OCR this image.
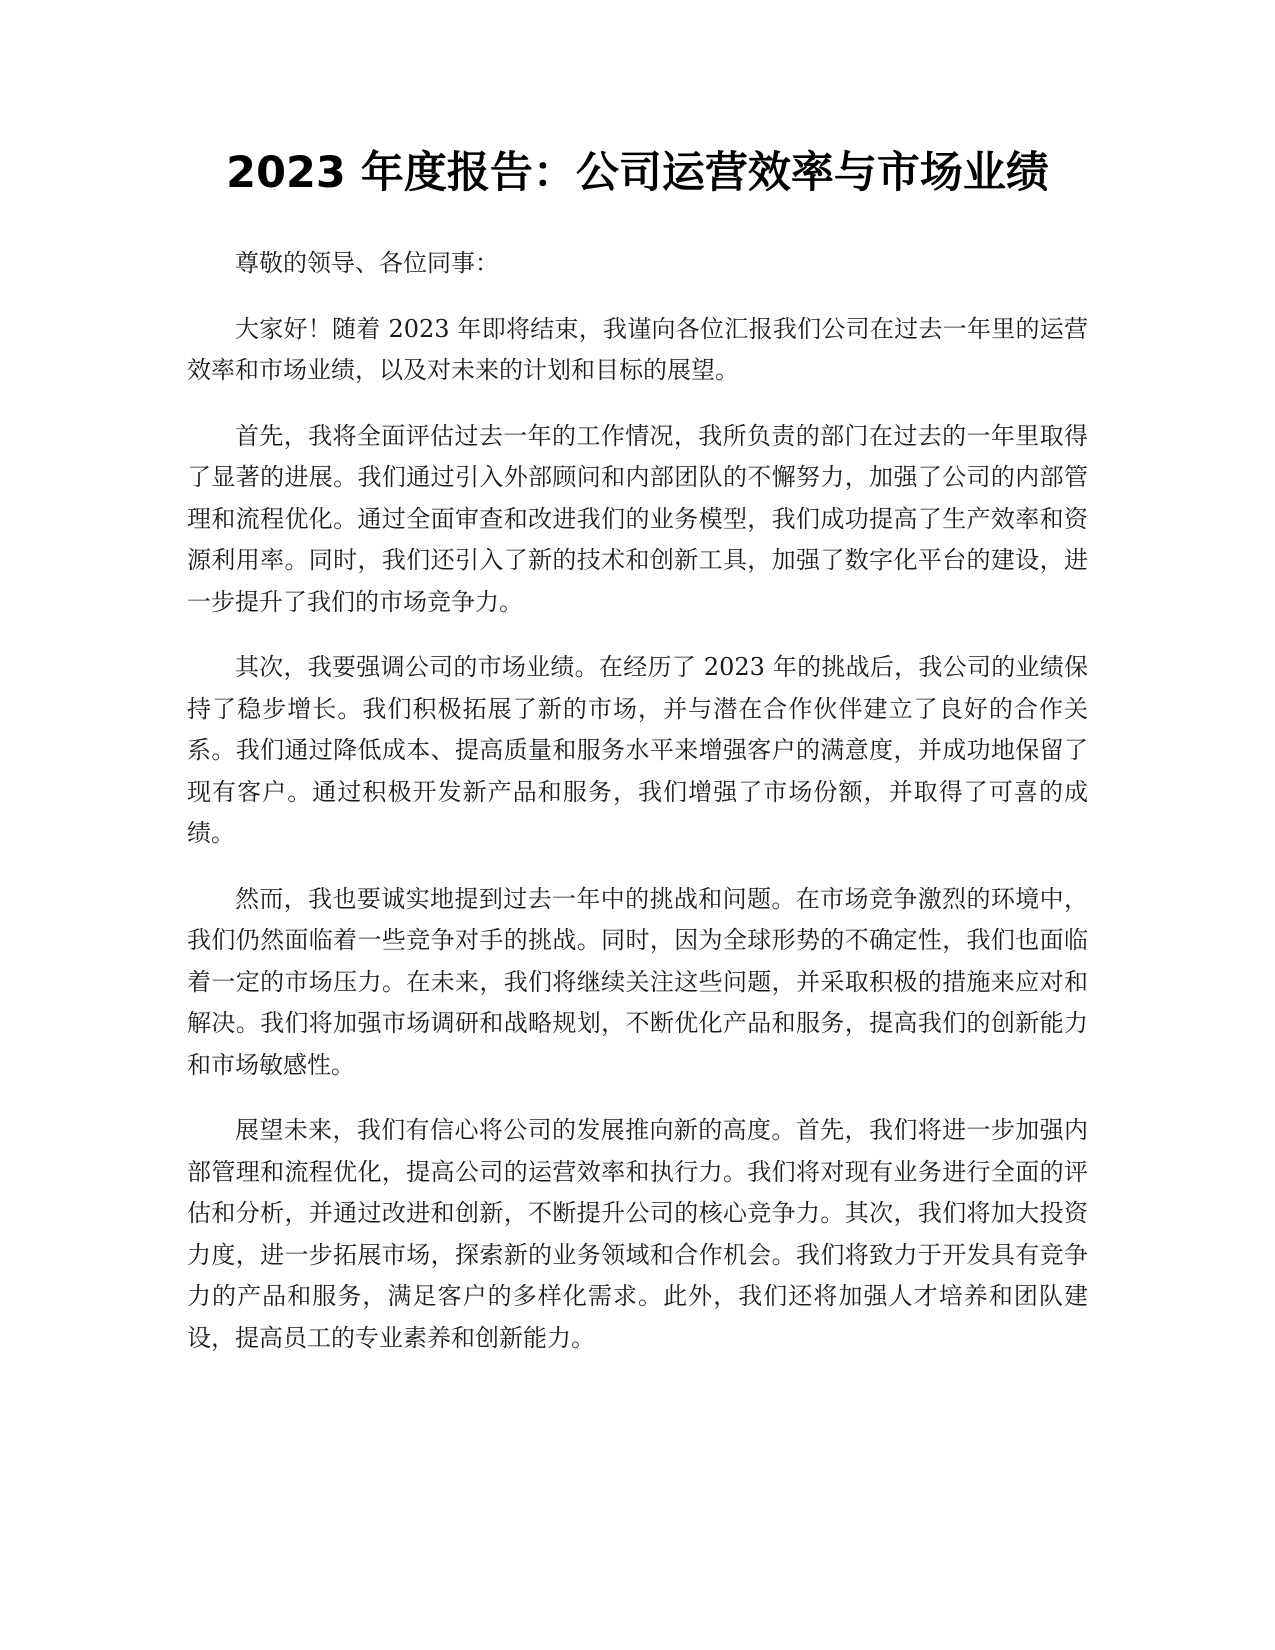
2023 年度报告：公司运营效率与市场业绩

尊敬的领导、各位同事：

大家好！随着 2023 年即将结束，我谨向各位汇报我们公司在过去一年里的运营效率和市场业绩，以及对未来的计划和目标的展望。

首先，我将全面评估过去一年的工作情况，我所负责的部门在过去的一年里取得了显著的进展。我们通过引入外部顾问和内部团队的不懈努力，加强了公司的内部管理和流程优化。通过全面审查和改进我们的业务模型，我们成功提高了生产效率和资源利用率。同时，我们还引入了新的技术和创新工具，加强了数字化平台的建设，进一步提升了我们的市场竞争力。

其次，我要强调公司的市场业绩。在经历了 2023 年的挑战后，我公司的业绩保持了稳步增长。我们积极拓展了新的市场，并与潜在合作伙伴建立了良好的合作关系。我们通过降低成本、提高质量和服务水平来增强客户的满意度，并成功地保留了现有客户。通过积极开发新产品和服务，我们增强了市场份额，并取得了可喜的成绩。

然而，我也要诚实地提到过去一年中的挑战和问题。在市场竞争激烈的环境中，我们仍然面临着一些竞争对手的挑战。同时，因为全球形势的不确定性，我们也面临着一定的市场压力。在未来，我们将继续关注这些问题，并采取积极的措施来应对和解决。我们将加强市场调研和战略规划，不断优化产品和服务，提高我们的创新能力和市场敏感性。

展望未来，我们有信心将公司的发展推向新的高度。首先，我们将进一步加强内部管理和流程优化，提高公司的运营效率和执行力。我们将对现有业务进行全面的评估和分析，并通过改进和创新，不断提升公司的核心竞争力。其次，我们将加大投资力度，进一步拓展市场，探索新的业务领域和合作机会。我们将致力于开发具有竞争力的产品和服务，满足客户的多样化需求。此外，我们还将加强人才培养和团队建设，提高员工的专业素养和创新能力。
